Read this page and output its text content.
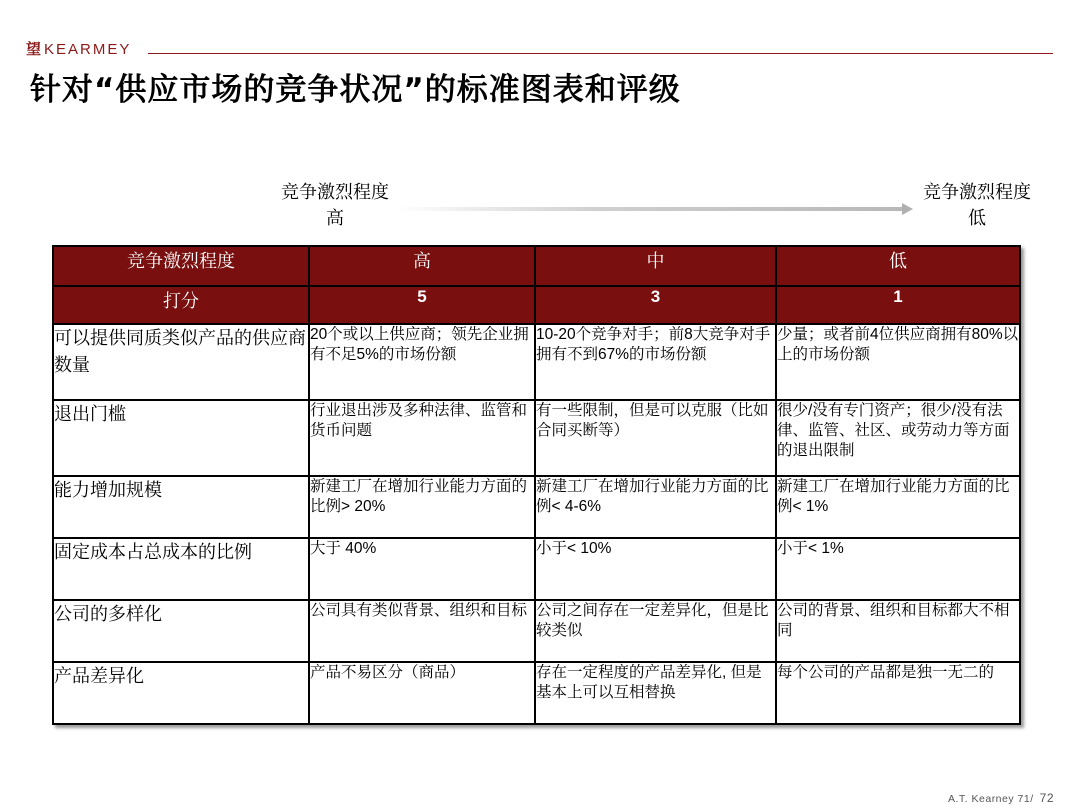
望KEARMEY
针对“供应市场的竞争状况”的标准图表和评级
竞争激烈程度
高
竞争激烈程度
低
竞争激烈程度	高	中	低
打分	5	3	1
可以提供同质类似产品的供应商数量	20个或以上供应商；领先企业拥有不足5%的市场份额	10-20个竞争对手；前8大竞争对手拥有不到67%的市场份额	少量；或者前4位供应商拥有80%以上的市场份额
退出门槛	行业退出涉及多种法律、监管和货币问题	有一些限制，但是可以克服（比如合同买断等）	很少/没有专门资产；很少/没有法律、监管、社区、或劳动力等方面的退出限制
能力增加规模	新建工厂在增加行业能力方面的比例> 20%	新建工厂在增加行业能力方面的比例< 4-6%	新建工厂在增加行业能力方面的比例< 1%
固定成本占总成本的比例	大于 40%	小于< 10%	小于< 1%
公司的多样化	公司具有类似背景、组织和目标	公司之间存在一定差异化，但是比较类似	公司的背景、组织和目标都大不相同
产品差异化	产品不易区分（商品）	存在一定程度的产品差异化, 但是基本上可以互相替换	每个公司的产品都是独一无二的
A.T. Kearney 71/ 72
